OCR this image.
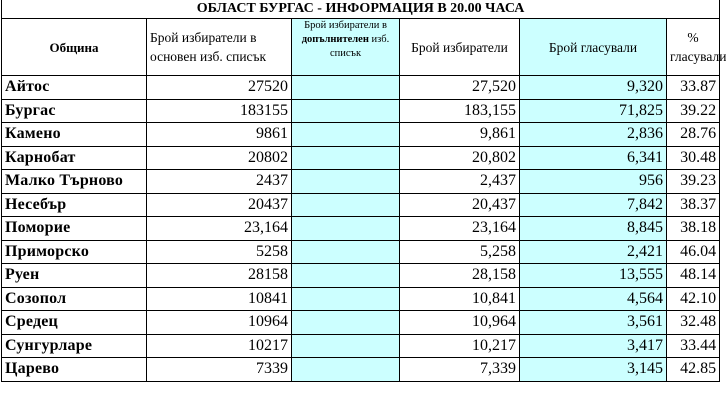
ОБЛАСТ БУРГАС - ИНФОРМАЦИЯ В 20.00 ЧАСА					
Община	Брой избиратели в основен изб. списък	Брой избиратели в допълнителен изб. списък	Брой избиратели	Брой гласували	% гласували
Айтос	27520		27,520	9,320	33.87
Бургас	183155		183,155	71,825	39.22
Камено	9861		9,861	2,836	28.76
Карнобат	20802		20,802	6,341	30.48
Малко Търново	2437		2,437	956	39.23
Несебър	20437		20,437	7,842	38.37
Поморие	23,164		23,164	8,845	38.18
Приморско	5258		5,258	2,421	46.04
Руен	28158		28,158	13,555	48.14
Созопол	10841		10,841	4,564	42.10
Средец	10964		10,964	3,561	32.48
Сунгурларе	10217		10,217	3,417	33.44
Царево	7339		7,339	3,145	42.85
